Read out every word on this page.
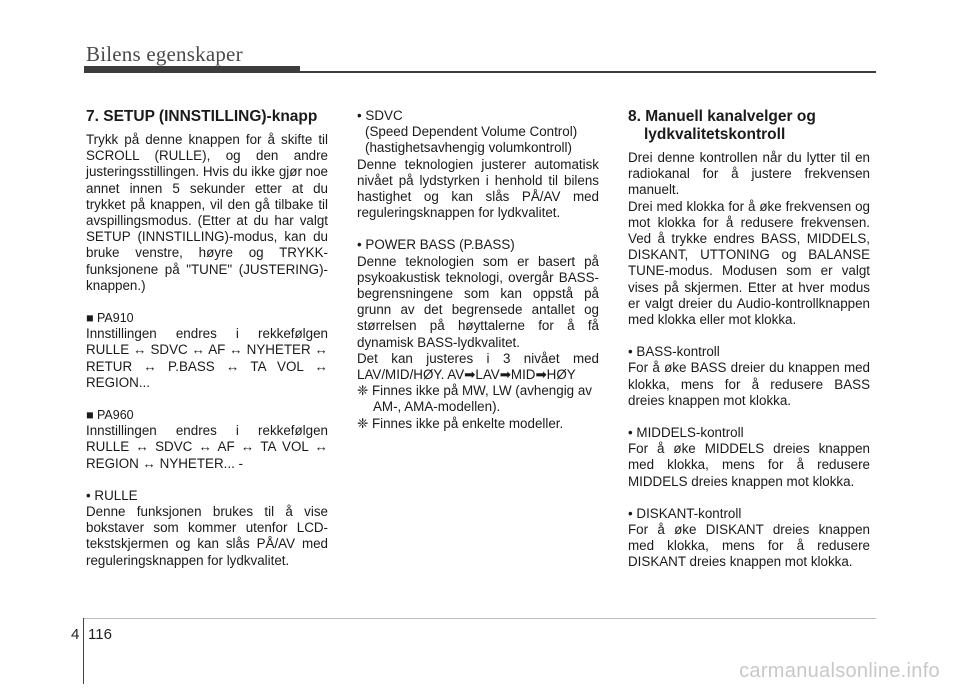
Bilens egenskaper
7. SETUP (INNSTILLING)-knapp

Trykk på denne knappen for å skifte til SCROLL (RULLE), og den andre justeringsstillingen. Hvis du ikke gjør noe annet innen 5 sekunder etter at du trykket på knappen, vil den gå tilbake til avspillingsmodus. (Etter at du har valgt SETUP (INNSTILLING)-modus, kan du bruke venstre, høyre og TRYKK-funksjonene på "TUNE" (JUSTERING)-knappen.)

■ PA910

Innstillingen endres i rekkefølgen RULLE ↔ SDVC ↔ AF ↔ NYHETER ↔ RETUR ↔ P.BASS ↔ TA VOL ↔ REGION...

■ PA960

Innstillingen endres i rekkefølgen RULLE ↔ SDVC ↔ AF ↔ TA VOL ↔ REGION ↔ NYHETER... -

• RULLE

Denne funksjonen brukes til å vise bokstaver som kommer utenfor LCD-tekstskjermen og kan slås PÅ/AV med reguleringsknappen for lydkvalitet.

• SDVC

(Speed Dependent Volume Control)

(hastighetsavhengig volumkontroll)

Denne teknologien justerer automatisk nivået på lydstyrken i henhold til bilens hastighet og kan slås PÅ/AV med reguleringsknappen for lydkvalitet.

• POWER BASS (P.BASS)

Denne teknologien som er basert på psykoakustisk teknologi, overgår BASS-begrensningene som kan oppstå på grunn av det begrensede antallet og størrelsen på høyttalerne for å få dynamisk BASS-lydkvalitet.

Det kan justeres i 3 nivået med LAV/MID/HØY. AV➡LAV➡MID➡HØY

❈ Finnes ikke på MW, LW (avhengig av AM-, AMA-modellen).

❈ Finnes ikke på enkelte modeller.

8. Manuell kanalvelger og lydkvalitetskontroll

Drei denne kontrollen når du lytter til en radiokanal for å justere frekvensen manuelt.

Drei med klokka for å øke frekvensen og mot klokka for å redusere frekvensen. Ved å trykke endres BASS, MIDDELS, DISKANT, UTTONING og BALANSE TUNE-modus. Modusen som er valgt vises på skjermen. Etter at hver modus er valgt dreier du Audio-kontrollknappen med klokka eller mot klokka.

• BASS-kontroll

For å øke BASS dreier du knappen med klokka, mens for å redusere BASS dreies knappen mot klokka.

• MIDDELS-kontroll

For å øke MIDDELS dreies knappen med klokka, mens for å redusere MIDDELS dreies knappen mot klokka.

• DISKANT-kontroll

For å øke DISKANT dreies knappen med klokka, mens for å redusere DISKANT dreies knappen mot klokka.

4 116
carmanualsonline.info
